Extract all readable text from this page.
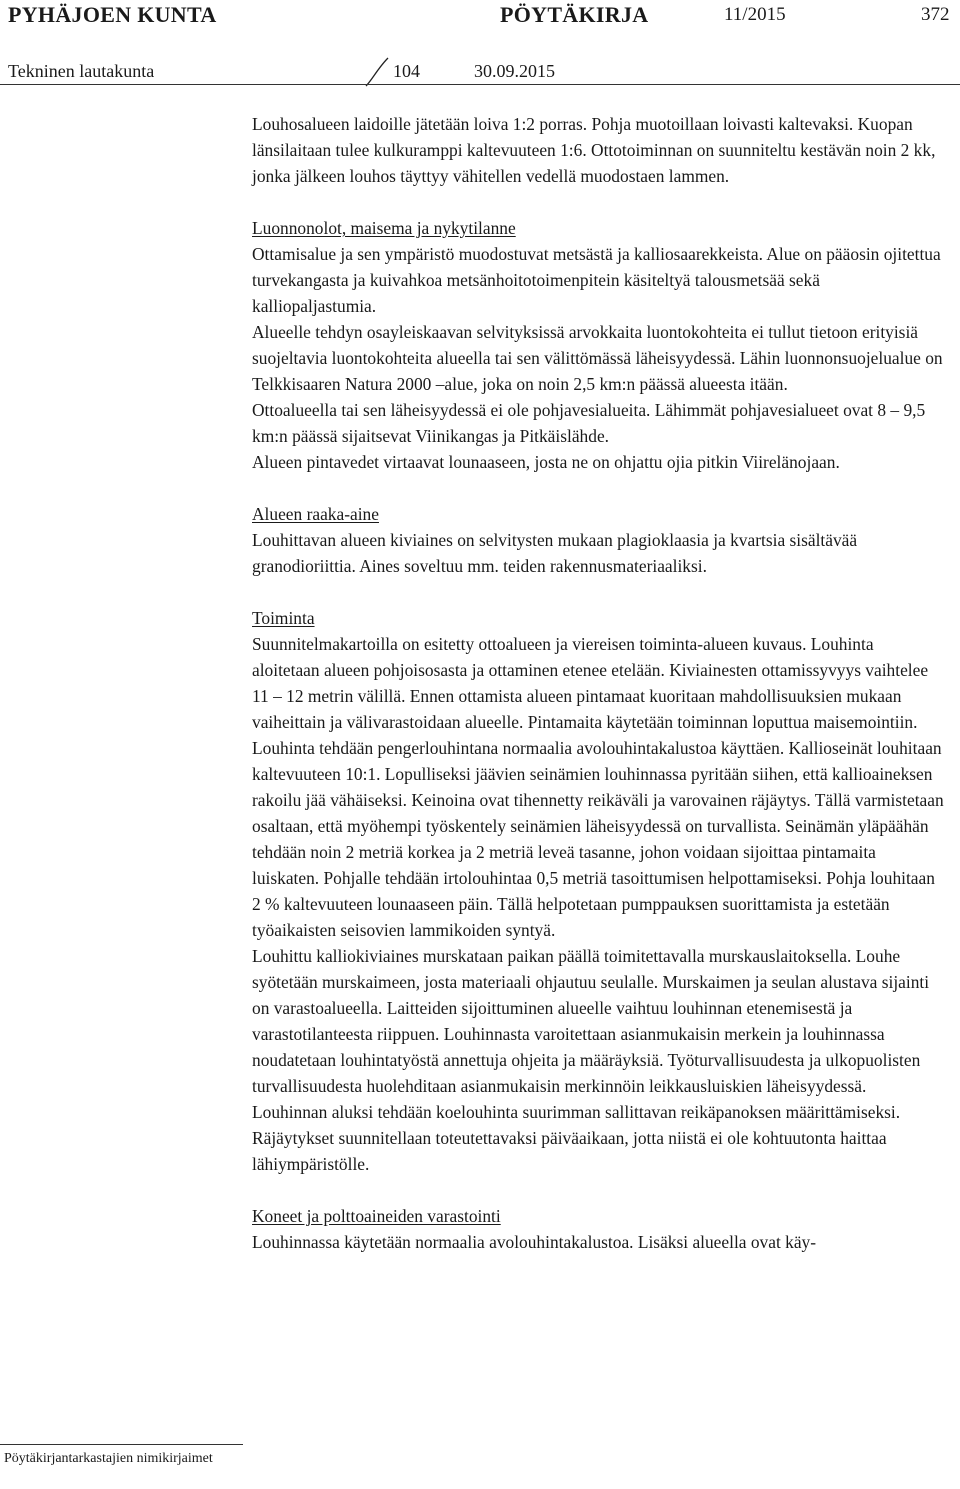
PYHÄJOEN KUNTA	PÖYTÄKIRJA	11/2015	372
Tekninen lautakunta	104	30.09.2015

Louhosalueen laidoille jätetään loiva 1:2 porras. Pohja muotoillaan loivasti kaltevaksi. Kuopan länsilaitaan tulee kulkuramppi kaltevuuteen 1:6. Ottotoiminnan on suunniteltu kestävän noin 2 kk, jonka jälkeen louhos täyttyy vähitellen vedellä muodostaen lammen.

Luonnonolot, maisema ja nykytilanne

Ottamisalue ja sen ympäristö muodostuvat metsästä ja kalliosaarekkeista. Alue on pääosin ojitettua turvekangasta ja kuivahkoa metsänhoitotoimenpitein käsiteltyä talousmetsää sekä kalliopaljastumia.

Alueelle tehdyn osayleiskaavan selvityksissä arvokkaita luontokohteita ei tullut tietoon erityisiä suojeltavia luontokohteita alueella tai sen välittömässä läheisyydessä. Lähin luonnonsuojelualue on Telkkisaaren Natura 2000 –alue, joka on noin 2,5 km:n päässä alueesta itään.

Ottoalueella tai sen läheisyydessä ei ole pohjavesialueita. Lähimmät pohjavesialueet ovat 8 – 9,5 km:n päässä sijaitsevat Viinikangas ja Pitkäislähde.

Alueen pintavedet virtaavat lounaaseen, josta ne on ohjattu ojia pitkin Viirelänojaan.

Alueen raaka-aine

Louhittavan alueen kiviaines on selvitysten mukaan plagioklaasia ja kvartsia sisältävää granodioriittia. Aines soveltuu mm. teiden rakennusmateriaaliksi.

Toiminta

Suunnitelmakartoilla on esitetty ottoalueen ja viereisen toiminta-alueen kuvaus. Louhinta aloitetaan alueen pohjoisosasta ja ottaminen etenee etelään. Kiviainesten ottamissyvyys vaihtelee 11 – 12 metrin välillä. Ennen ottamista alueen pintamaat kuoritaan mahdollisuuksien mukaan vaiheittain ja välivarastoidaan alueelle. Pintamaita käytetään toiminnan loputtua maisemointiin.

Louhinta tehdään pengerlouhintana normaalia avolouhintakalustoa käyttäen. Kallioseinät louhitaan kaltevuuteen 10:1. Lopulliseksi jäävien seinämien louhinnassa pyritään siihen, että kallioaineksen rakoilu jää vähäiseksi. Keinoina ovat tihennetty reikäväli ja varovainen räjäytys. Tällä varmistetaan osaltaan, että myöhempi työskentely seinämien läheisyydessä on turvallista. Seinämän yläpäähän tehdään noin 2 metriä korkea ja 2 metriä leveä tasanne, johon voidaan sijoittaa pintamaita luiskaten. Pohjalle tehdään irtolouhintaa 0,5 metriä tasoittumisen helpottamiseksi. Pohja louhitaan 2 % kaltevuuteen lounaaseen päin. Tällä helpotetaan pumppauksen suorittamista ja estetään työaikaisten seisovien lammikoiden syntyä.

Louhittu kalliokiviaines murskataan paikan päällä toimitettavalla murskauslaitoksella. Louhe syötetään murskaimeen, josta materiaali ohjautuu seulalle. Murskaimen ja seulan alustava sijainti on varastoalueella. Laitteiden sijoittuminen alueelle vaihtuu louhinnan etenemisestä ja varastotilanteesta riippuen. Louhinnasta varoitettaan asianmukaisin merkein ja louhinnassa noudatetaan louhintatyöstä annettuja ohjeita ja määräyksiä. Työturvallisuudesta ja ulkopuolisten turvallisuudesta huolehditaan asianmukaisin merkinnöin leikkausluiskien läheisyydessä. Louhinnan aluksi tehdään koelouhinta suurimman sallittavan reikäpanoksen määrittämiseksi. Räjäytykset suunnitellaan toteutettavaksi päiväaikaan, jotta niistä ei ole kohtuutonta haittaa lähiympäristölle.

Koneet ja polttoaineiden varastointi

Louhinnassa käytetään normaalia avolouhintakalustoa. Lisäksi alueella ovat käy-

Pöytäkirjantarkastajien nimikirjaimet
